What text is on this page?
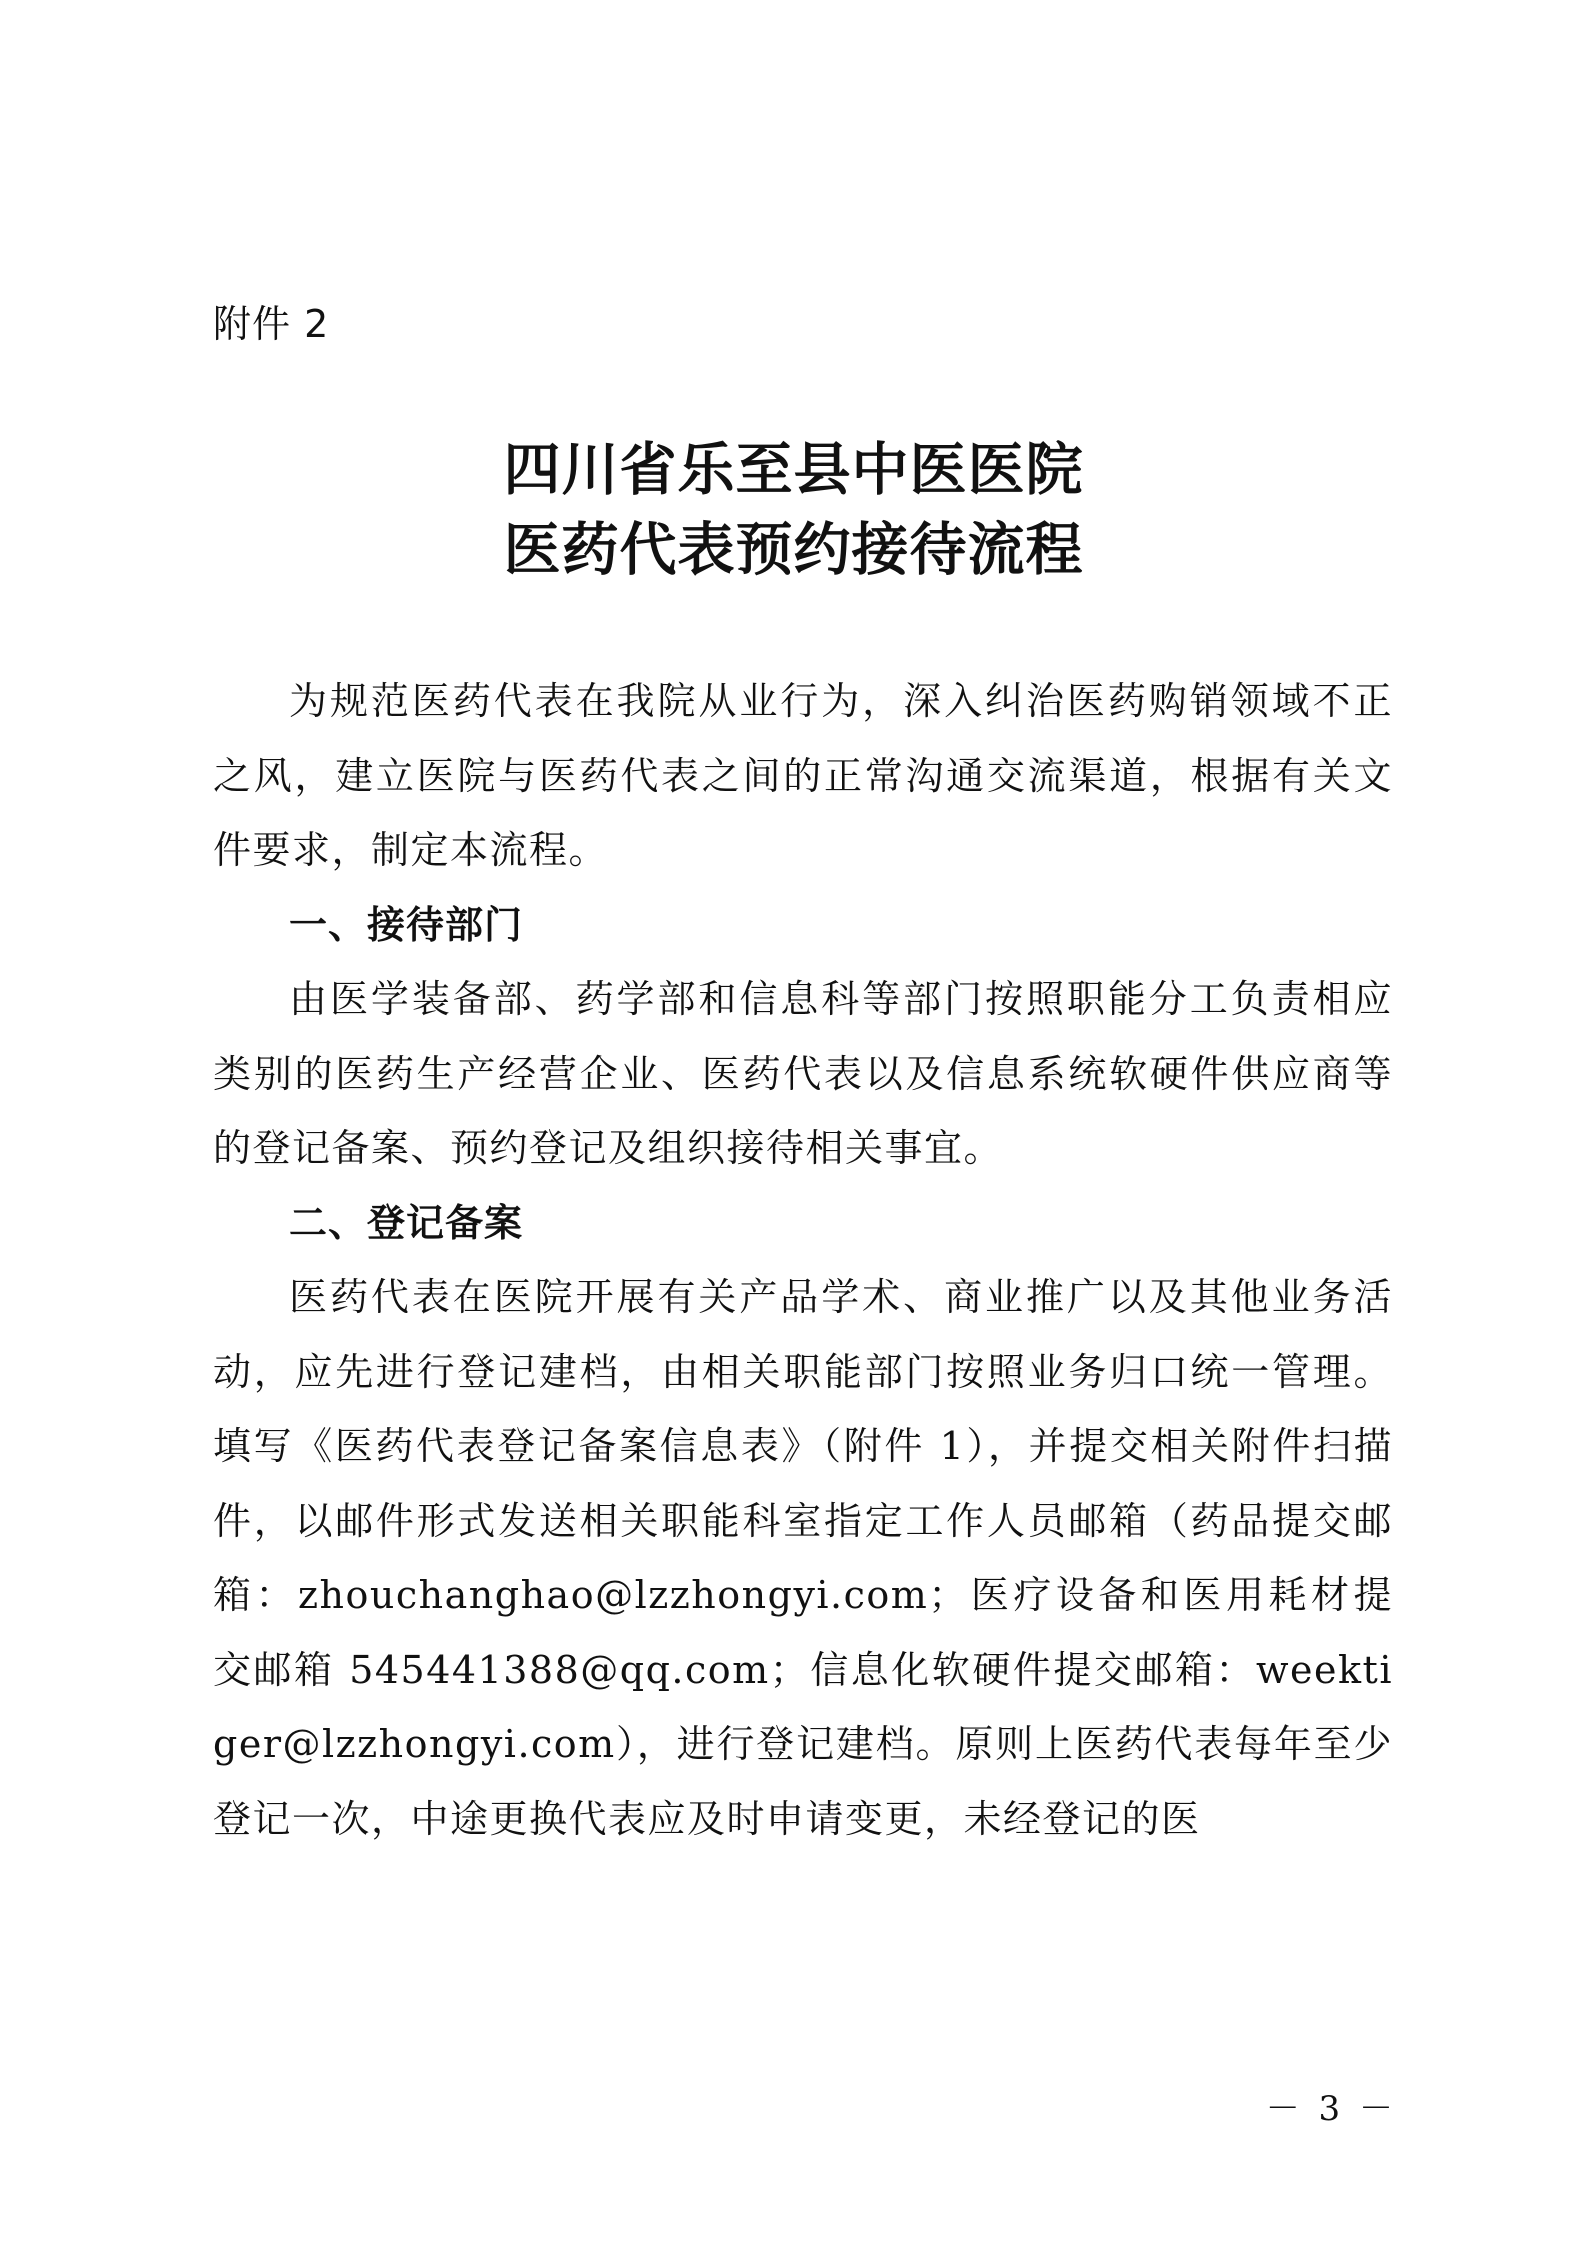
附件 2
四川省乐至县中医医院
医药代表预约接待流程

为规范医药代表在我院从业行为，深入纠治医药购销领域不正之风，建立医院与医药代表之间的正常沟通交流渠道，根据有关文件要求，制定本流程。

一、接待部门

由医学装备部、药学部和信息科等部门按照职能分工负责相应类别的医药生产经营企业、医药代表以及信息系统软硬件供应商等的登记备案、预约登记及组织接待相关事宜。

二、登记备案

医药代表在医院开展有关产品学术、商业推广以及其他业务活动，应先进行登记建档，由相关职能部门按照业务归口统一管理。填写《医药代表登记备案信息表》（附件 1），并提交相关附件扫描件，以邮件形式发送相关职能科室指定工作人员邮箱（药品提交邮箱：zhouchanghao@lzzhongyi.com；医疗设备和医用耗材提交邮箱 545441388@qq.com；信息化软硬件提交邮箱：weektiger@lzzhongyi.com），进行登记建档。原则上医药代表每年至少登记一次，中途更换代表应及时申请变更，未经登记的医

－ 3 －
